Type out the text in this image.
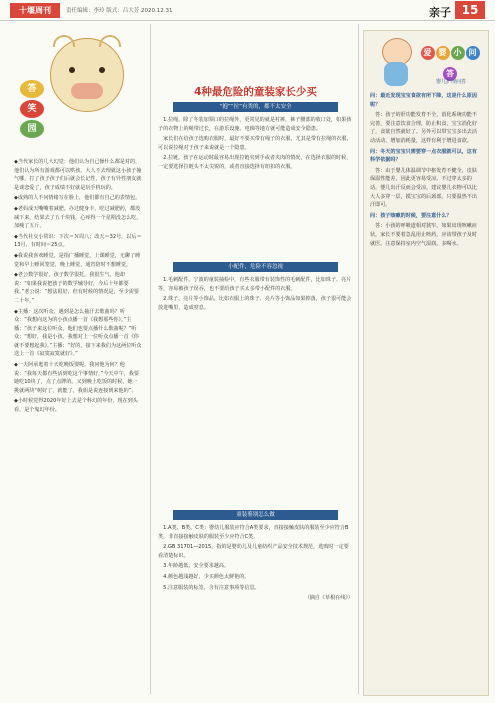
十堰周刊	责任编辑：李玲 版式：吕大芳 2020.12.31	亲子 15
答
笑
园

◆当代家长的几大幻觉：他们认为自己操什么都是对的，他们认为所有游戏都可以哄孩。大人不去理就这小孩子撞气哪，打了孩子孩子们后就会长记性，孩子有异性朋友就是谈恋爱了，孩子成绩不好就是玩手机玩的。

◆成熟的人不问情绪写在脸上，他们都有自己的表情包。

◆老妈成天嘴嘴着减肥。办过健身卡，吃过减肥药，都没减下来，结果去了五千块钱，心疼得一个星期没怎么吃，加瘦了五斤。

◆当代社交小常识：下次＝Ｎ周八；改天＝32号，以后＝13月，有时间＝25点。

◆我说我喜欢睡觉，是指广播睡觉，上课睡觉，无聊了睡觉和早上睡回笼觉，晚上睡觉，通宵陪时不想睡觉。

◆老公数学很好，孩子数学很托，我很生气，他却说：“如果我说把孩子的数学辅导好，今后十年都要我。”老公说：“想法很好，但有时候的情况是，至少需要二十年。”

◆主播：这次听众，遇到是怎么抽汗去歌曲吗？听众：“我想向这为的小孩点播一首《我想那些你》。”主播：“孩子来这位听众，他们也要点播什么歌曲呢？”听众：“想好，我是小孩。我想对上一位听众点播一首《你就不要想起我》。”主播：“好的，接下来我们为这两位听众送上一首《寂寞寂寞就好》。”

◆一天阿承逛着十天吃晚饭要呢，我问他为何？他说：“我每天都有些活到吃这个事情好，”今天中午，我要她吃10块了，点了点牌的。又到晚上吃饭的时候，她一挑就两块“树好了，就能了，我姐是说连接到来他的”。

◆小时候觉得2020年好上去是个科幻的年份，现在到头看，是个鬼幻年份。

4种最危险的童装家长少买
“抱”“拉”有类的，都不太安全

1.拉绳。除了冬装加领口的拉绳外，更常见的就是衬裤，裤子腰部的收口处，如果孩子的衣物上的绳带过长，在游乐设施、电梯等地方就可能造成安全隐患。

家长们在给孩子选购衣服时，最好不要买带有绳子的衣服，尤其是带有拉绳的衣服，可以说拉绳对于孩子来说就是一个隐患。

2.拉链。孩子在运动时最容易出现拉链夹到手或者夹肉的情况，在选择衣服的时候，一定要选择拉链头不太尖锐的，或者直接选择有纽扣的衣服。

小配件，危险不容忽视

1.毛刺配件。宁波的童装抽检中，有些衣服带有装饰性的毛刺配件，比如珠子、亮片等，容易被孩子误吞，也不要给孩子买太多带小配件的衣服。

2.珠子、亮片等小饰品。比如衣服上的珠子、亮片等小饰品如果掉落，孩子很可能会放进嘴里，造成窒息。

童装鉴别怎么做

1.A类、B类、C类：婴幼儿服装应符合A类要求，直接接触皮肤的服装至少应符合B类，非直接接触皮肤的服装至少应符合C类。

2.GB 31701—2015。指的是婴幼儿及儿童纺织产品安全技术规范，选购时一定要看清楚标识。

3.年龄越低，安全要求越高。

4.颜色越浅越好，少买颜色太鲜艳的。

5.注意服装的标签，含有注意事项等信息。

（摘自《草根在线》）

爱 婴 小 问
答
婴儿护理问答

问：最近发现宝宝食欲有所下降，这是什么原因呢？

答：孩子的肝功能发育不全，消化系统功能不完善，要注意饮食合理，防止积食，宝宝消化好了，食欲自然就好了。另外可以带宝宝多出去活动活动，增加消耗量，这样有利于增进食欲。

问：冬天的宝宝只需要穿一点衣服就可以，这有科学依据吗？

答：由于婴儿体温调节中枢发育不健全，皮肤保温性能差，因此更容易受凉。不过穿太多的话，婴儿出汗反而会受凉。建议婴儿衣物可以比大人多穿一层，摸宝宝的后颈部，只要温热不出汗即可。

问：孩子咳嗽的时候，要注意什么？

答：小孩的呼吸道相对狭窄，如果出现咳嗽症状，家长不要着急乱用止咳药，应该带孩子及时就医。注意保持室内空气湿润，多喝水。
